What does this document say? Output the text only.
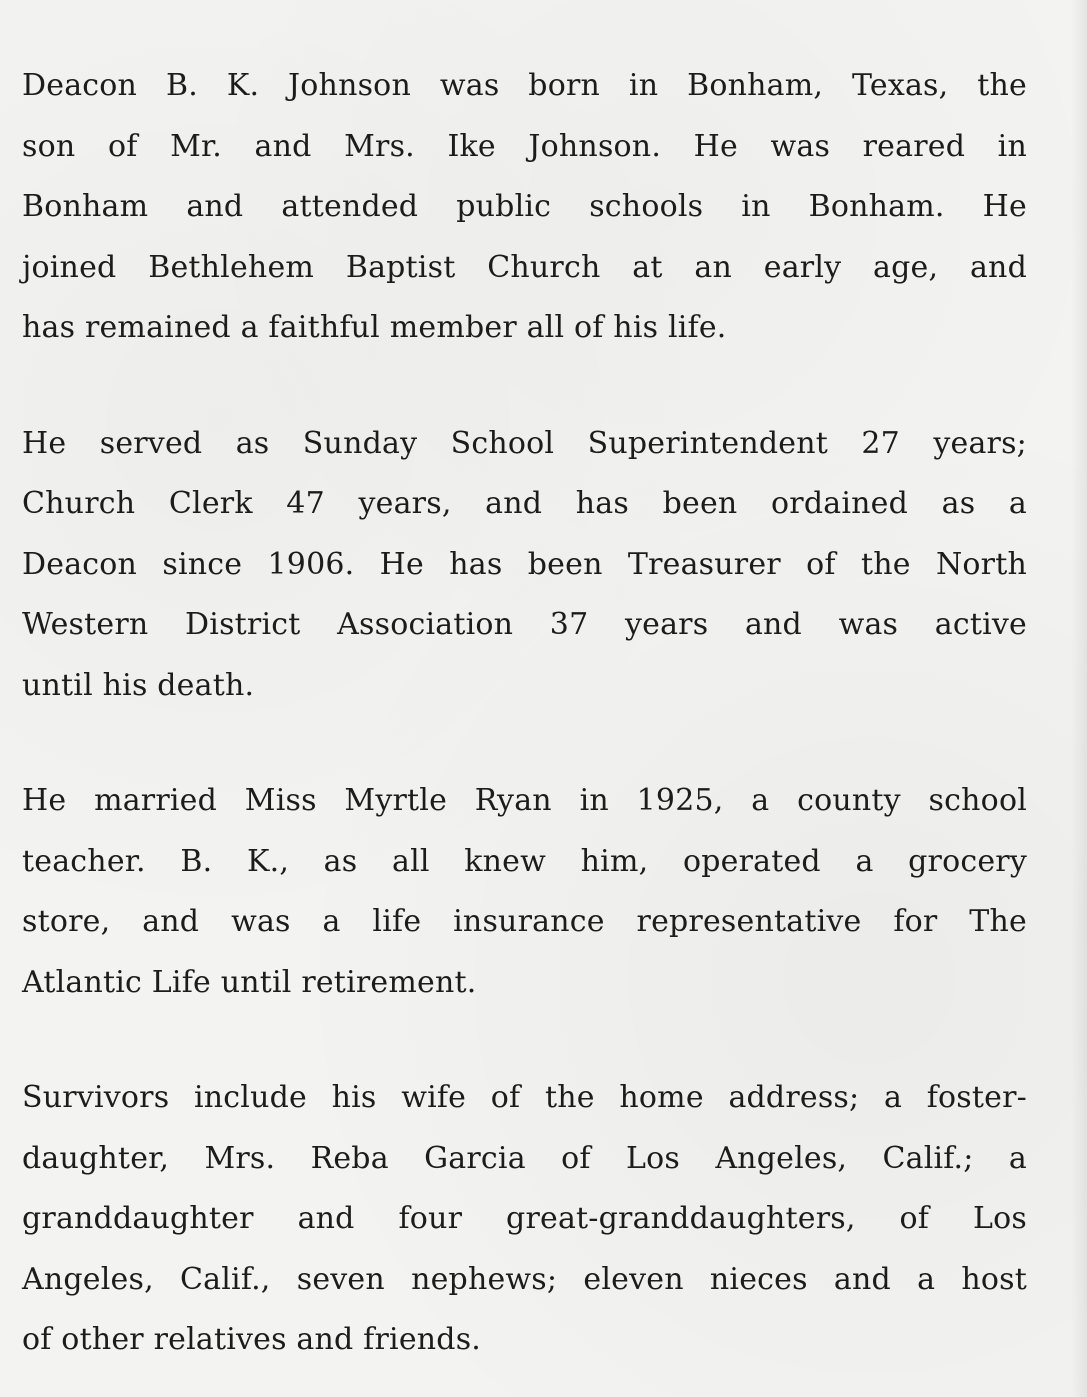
Deacon B. K. Johnson was born in Bonham, Texas, the
son of Mr. and Mrs. Ike Johnson. He was reared in
Bonham and attended public schools in Bonham. He
joined Bethlehem Baptist Church at an early age, and
has remained a faithful member all of his life.
He served as Sunday School Superintendent 27 years;
Church Clerk 47 years, and has been ordained as a
Deacon since 1906. He has been Treasurer of the North
Western District Association 37 years and was active
until his death.
He married Miss Myrtle Ryan in 1925, a county school
teacher. B. K., as all knew him, operated a grocery
store, and was a life insurance representative for The
Atlantic Life until retirement.
Survivors include his wife of the home address; a foster-
daughter, Mrs. Reba Garcia of Los Angeles, Calif.; a
granddaughter and four great-granddaughters, of Los
Angeles, Calif., seven nephews; eleven nieces and a host
of other relatives and friends.
